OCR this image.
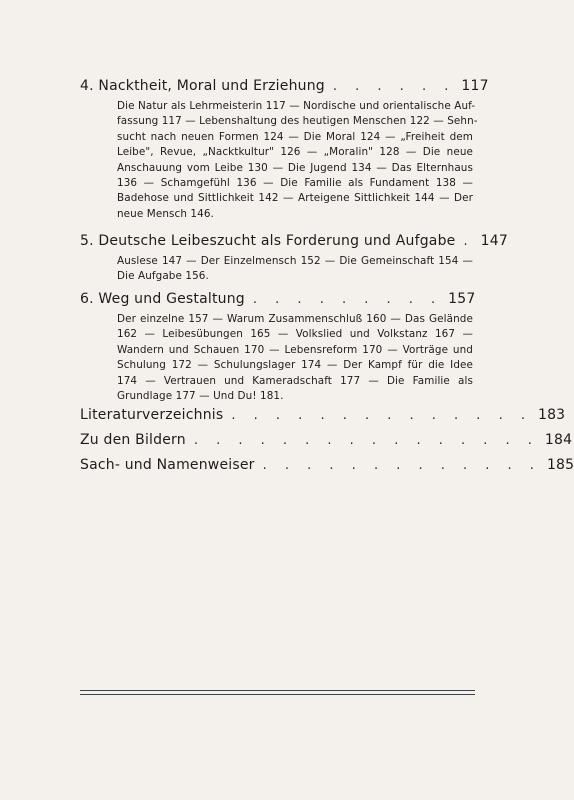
4. Nacktheit, Moral und Erziehung . . . . . . 117
Die Natur als Lehrmeisterin 117 — Nordische und orientalische Auf-
fassung 117 — Lebenshaltung des heutigen Menschen 122 — Sehn-
sucht nach neuen Formen 124 — Die Moral 124 — „Freiheit dem
Leibe", Revue, „Nacktkultur" 126 — „Moralin" 128 — Die neue
Anschauung vom Leibe 130 — Die Jugend 134 — Das Elternhaus
136 — Schamgefühl 136 — Die Familie als Fundament 138 —
Badehose und Sittlichkeit 142 — Arteigene Sittlichkeit 144 — Der
neue Mensch 146.
5. Deutsche Leibeszucht als Forderung und Aufgabe . 147
Auslese 147 — Der Einzelmensch 152 — Die Gemeinschaft 154 —
Die Aufgabe 156.
6. Weg und Gestaltung . . . . . . . . . 157
Der einzelne 157 — Warum Zusammenschluß 160 — Das Gelände
162 — Leibesübungen 165 — Volkslied und Volkstanz 167 —
Wandern und Schauen 170 — Lebensreform 170 — Vorträge und
Schulung 172 — Schulungslager 174 — Der Kampf für die Idee
174 — Vertrauen und Kameradschaft 177 — Die Familie als
Grundlage 177 — Und Du! 181.
Literaturverzeichnis . . . . . . . . . . . . . . 183
Zu den Bildern . . . . . . . . . . . . . . . . 184
Sach- und Namenweiser . . . . . . . . . . . . . 185
